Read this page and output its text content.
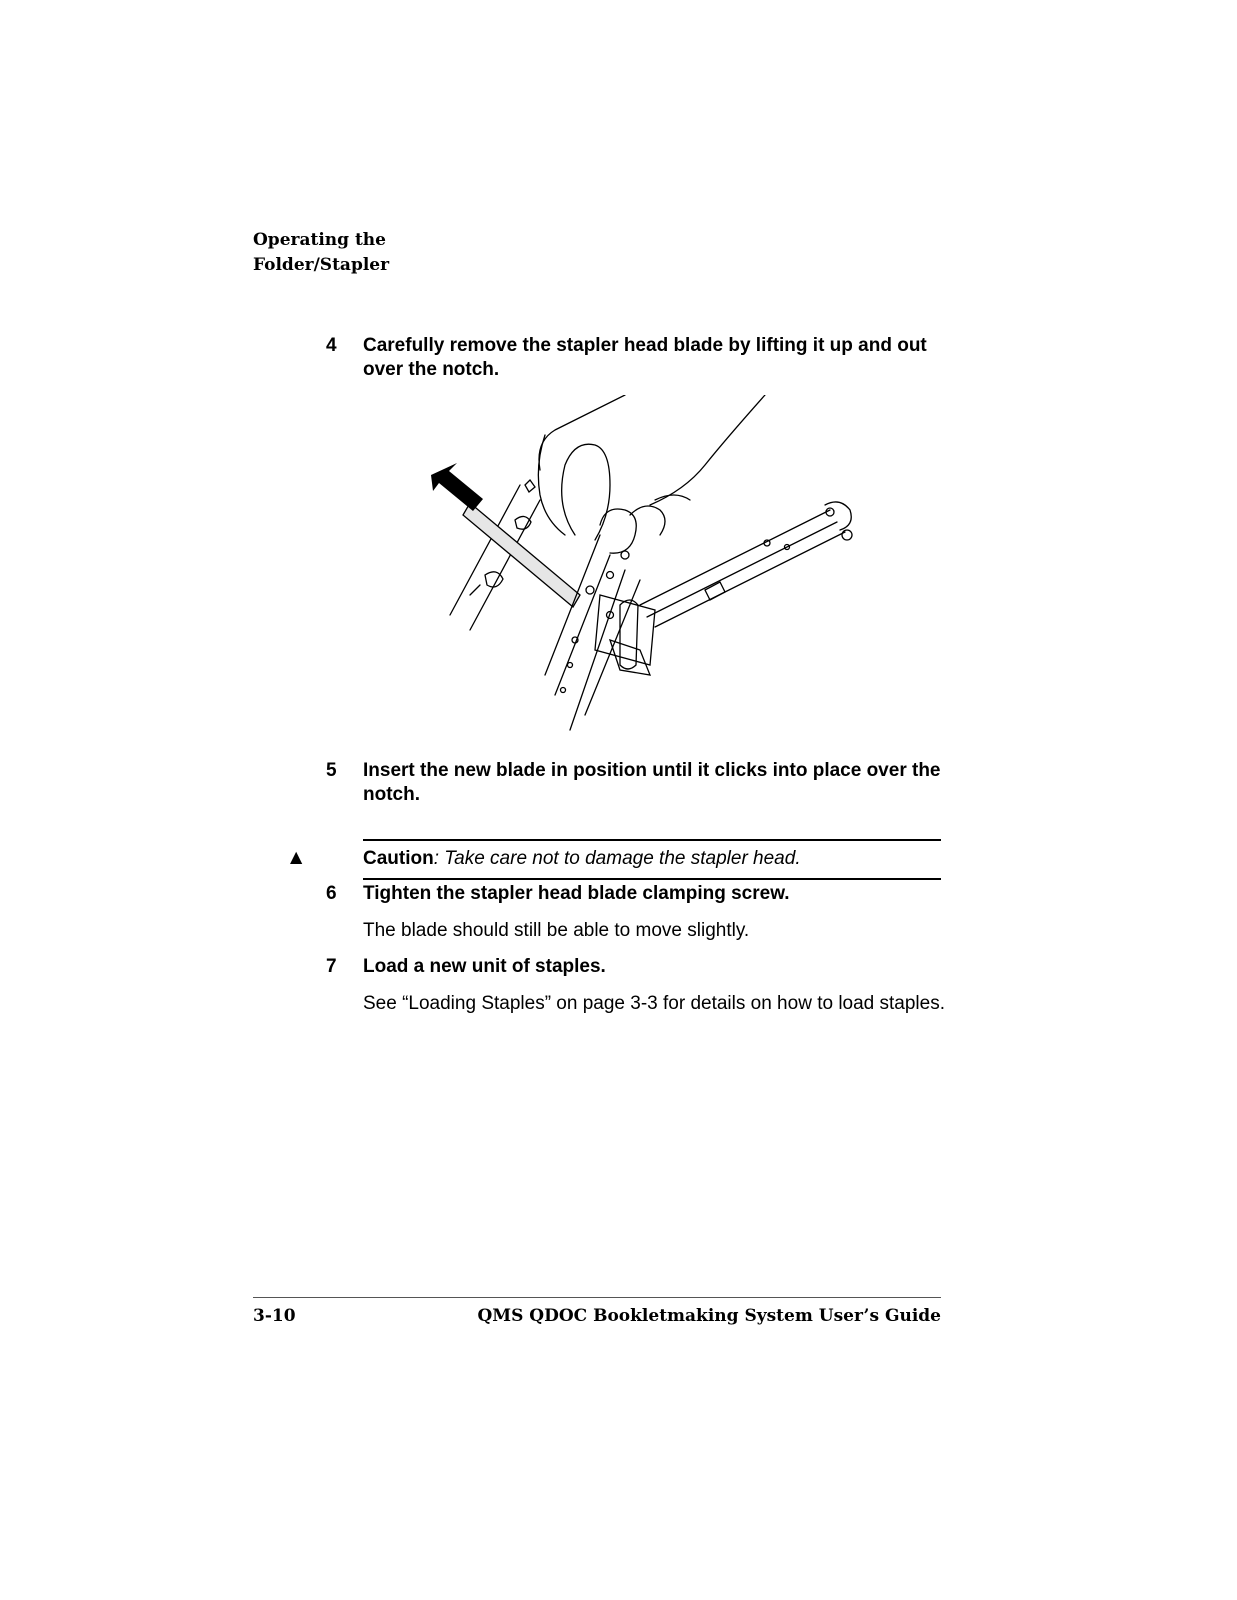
Operating the
Folder/Stapler
4 Carefully remove the stapler head blade by lifting it up and out over the notch.
5 Insert the new blade in position until it clicks into place over the notch.
▲	Caution: Take care not to damage the stapler head.
6 Tighten the stapler head blade clamping screw.
The blade should still be able to move slightly.
7 Load a new unit of staples.
See “Loading Staples” on page 3-3 for details on how to load staples.
3-10	QMS QDOC Bookletmaking System User’s Guide
